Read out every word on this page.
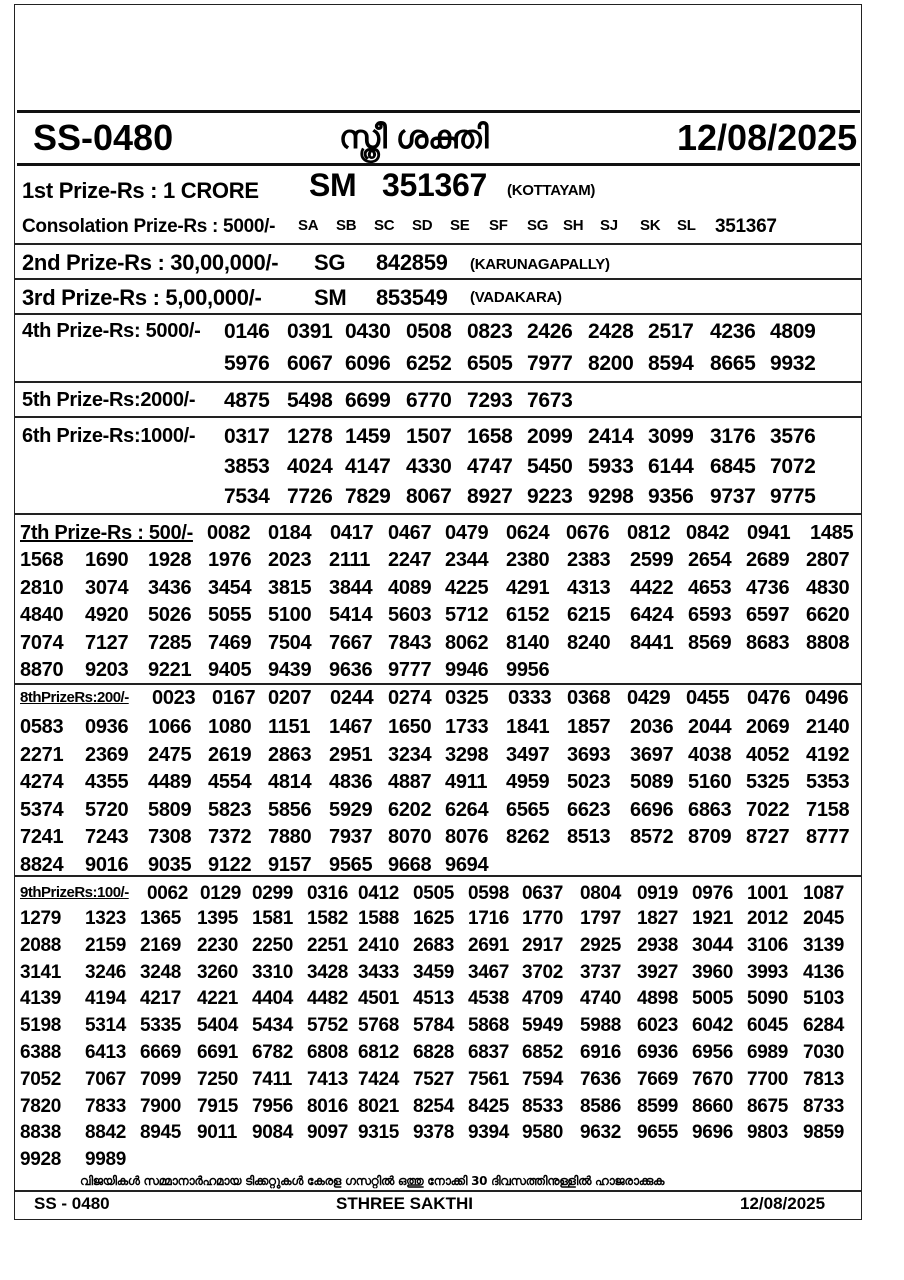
SS-0480	സ്ത്രീ ശക്തി	12/08/2025
1st Prize-Rs : 1 CRORE SM 351367 (KOTTAYAM)
Consolation Prize-Rs : 5000/- SA SB SC SD SE SF SG SH SJ SK SL 351367
2nd Prize-Rs : 30,00,000/- SG 842859 (KARUNAGAPALLY)
3rd Prize-Rs : 5,00,000/- SM 853549 (VADAKARA)
4th Prize-Rs: 5000/- 0146 0391 0430 0508 0823 2426 2428 2517 4236 4809
5976 6067 6096 6252 6505 7977 8200 8594 8665 9932
5th Prize-Rs:2000/- 4875 5498 6699 6770 7293 7673
6th Prize-Rs:1000/- 0317 1278 1459 1507 1658 2099 2414 3099 3176 3576
3853 4024 4147 4330 4747 5450 5933 6144 6845 7072
7534 7726 7829 8067 8927 9223 9298 9356 9737 9775
7th Prize-Rs : 500/- 0082 0184 0417 0467 0479 0624 0676 0812 0842 0941 1485
1568 1690 1928 1976 2023 2111 2247 2344 2380 2383 2599 2654 2689 2807
2810 3074 3436 3454 3815 3844 4089 4225 4291 4313 4422 4653 4736 4830
4840 4920 5026 5055 5100 5414 5603 5712 6152 6215 6424 6593 6597 6620
7074 7127 7285 7469 7504 7667 7843 8062 8140 8240 8441 8569 8683 8808
8870 9203 9221 9405 9439 9636 9777 9946 9956
8thPrizeRs:200/- 0023 0167 0207 0244 0274 0325 0333 0368 0429 0455 0476 0496
0583 0936 1066 1080 1151 1467 1650 1733 1841 1857 2036 2044 2069 2140
2271 2369 2475 2619 2863 2951 3234 3298 3497 3693 3697 4038 4052 4192
4274 4355 4489 4554 4814 4836 4887 4911 4959 5023 5089 5160 5325 5353
5374 5720 5809 5823 5856 5929 6202 6264 6565 6623 6696 6863 7022 7158
7241 7243 7308 7372 7880 7937 8070 8076 8262 8513 8572 8709 8727 8777
8824 9016 9035 9122 9157 9565 9668 9694
9thPrizeRs:100/- 0062 0129 0299 0316 0412 0505 0598 0637 0804 0919 0976 1001 1087
1279 1323 1365 1395 1581 1582 1588 1625 1716 1770 1797 1827 1921 2012 2045
2088 2159 2169 2230 2250 2251 2410 2683 2691 2917 2925 2938 3044 3106 3139
3141 3246 3248 3260 3310 3428 3433 3459 3467 3702 3737 3927 3960 3993 4136
4139 4194 4217 4221 4404 4482 4501 4513 4538 4709 4740 4898 5005 5090 5103
5198 5314 5335 5404 5434 5752 5768 5784 5868 5949 5988 6023 6042 6045 6284
6388 6413 6669 6691 6782 6808 6812 6828 6837 6852 6916 6936 6956 6989 7030
7052 7067 7099 7250 7411 7413 7424 7527 7561 7594 7636 7669 7670 7700 7813
7820 7833 7900 7915 7956 8016 8021 8254 8425 8533 8586 8599 8660 8675 8733
8838 8842 8945 9011 9084 9097 9315 9378 9394 9580 9632 9655 9696 9803 9859
9928 9989
വിജയികൾ സമ്മാനാർഹമായ ടിക്കറ്റുകൾ കേരള ഗസറ്റിൽ ഒത്തു നോക്കി 30 ദിവസത്തിനുള്ളിൽ ഹാജരാക്കുക
SS - 0480	STHREE SAKTHI	12/08/2025
